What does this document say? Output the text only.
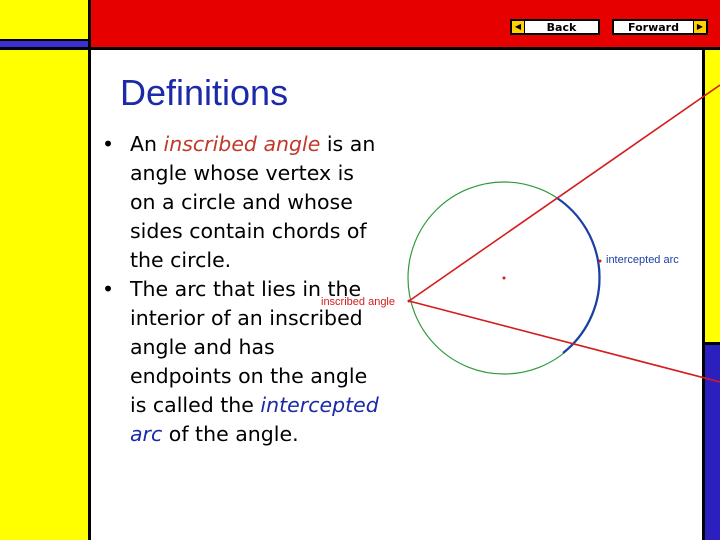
◀	Back	Forward	▶
Definitions
• An inscribed angle is an angle whose vertex is on a circle and whose sides contain chords of the circle.
• The arc that lies in the interior of an inscribed angle and has endpoints on the angle is called the intercepted arc of the angle.
inscribed angle
intercepted arc
